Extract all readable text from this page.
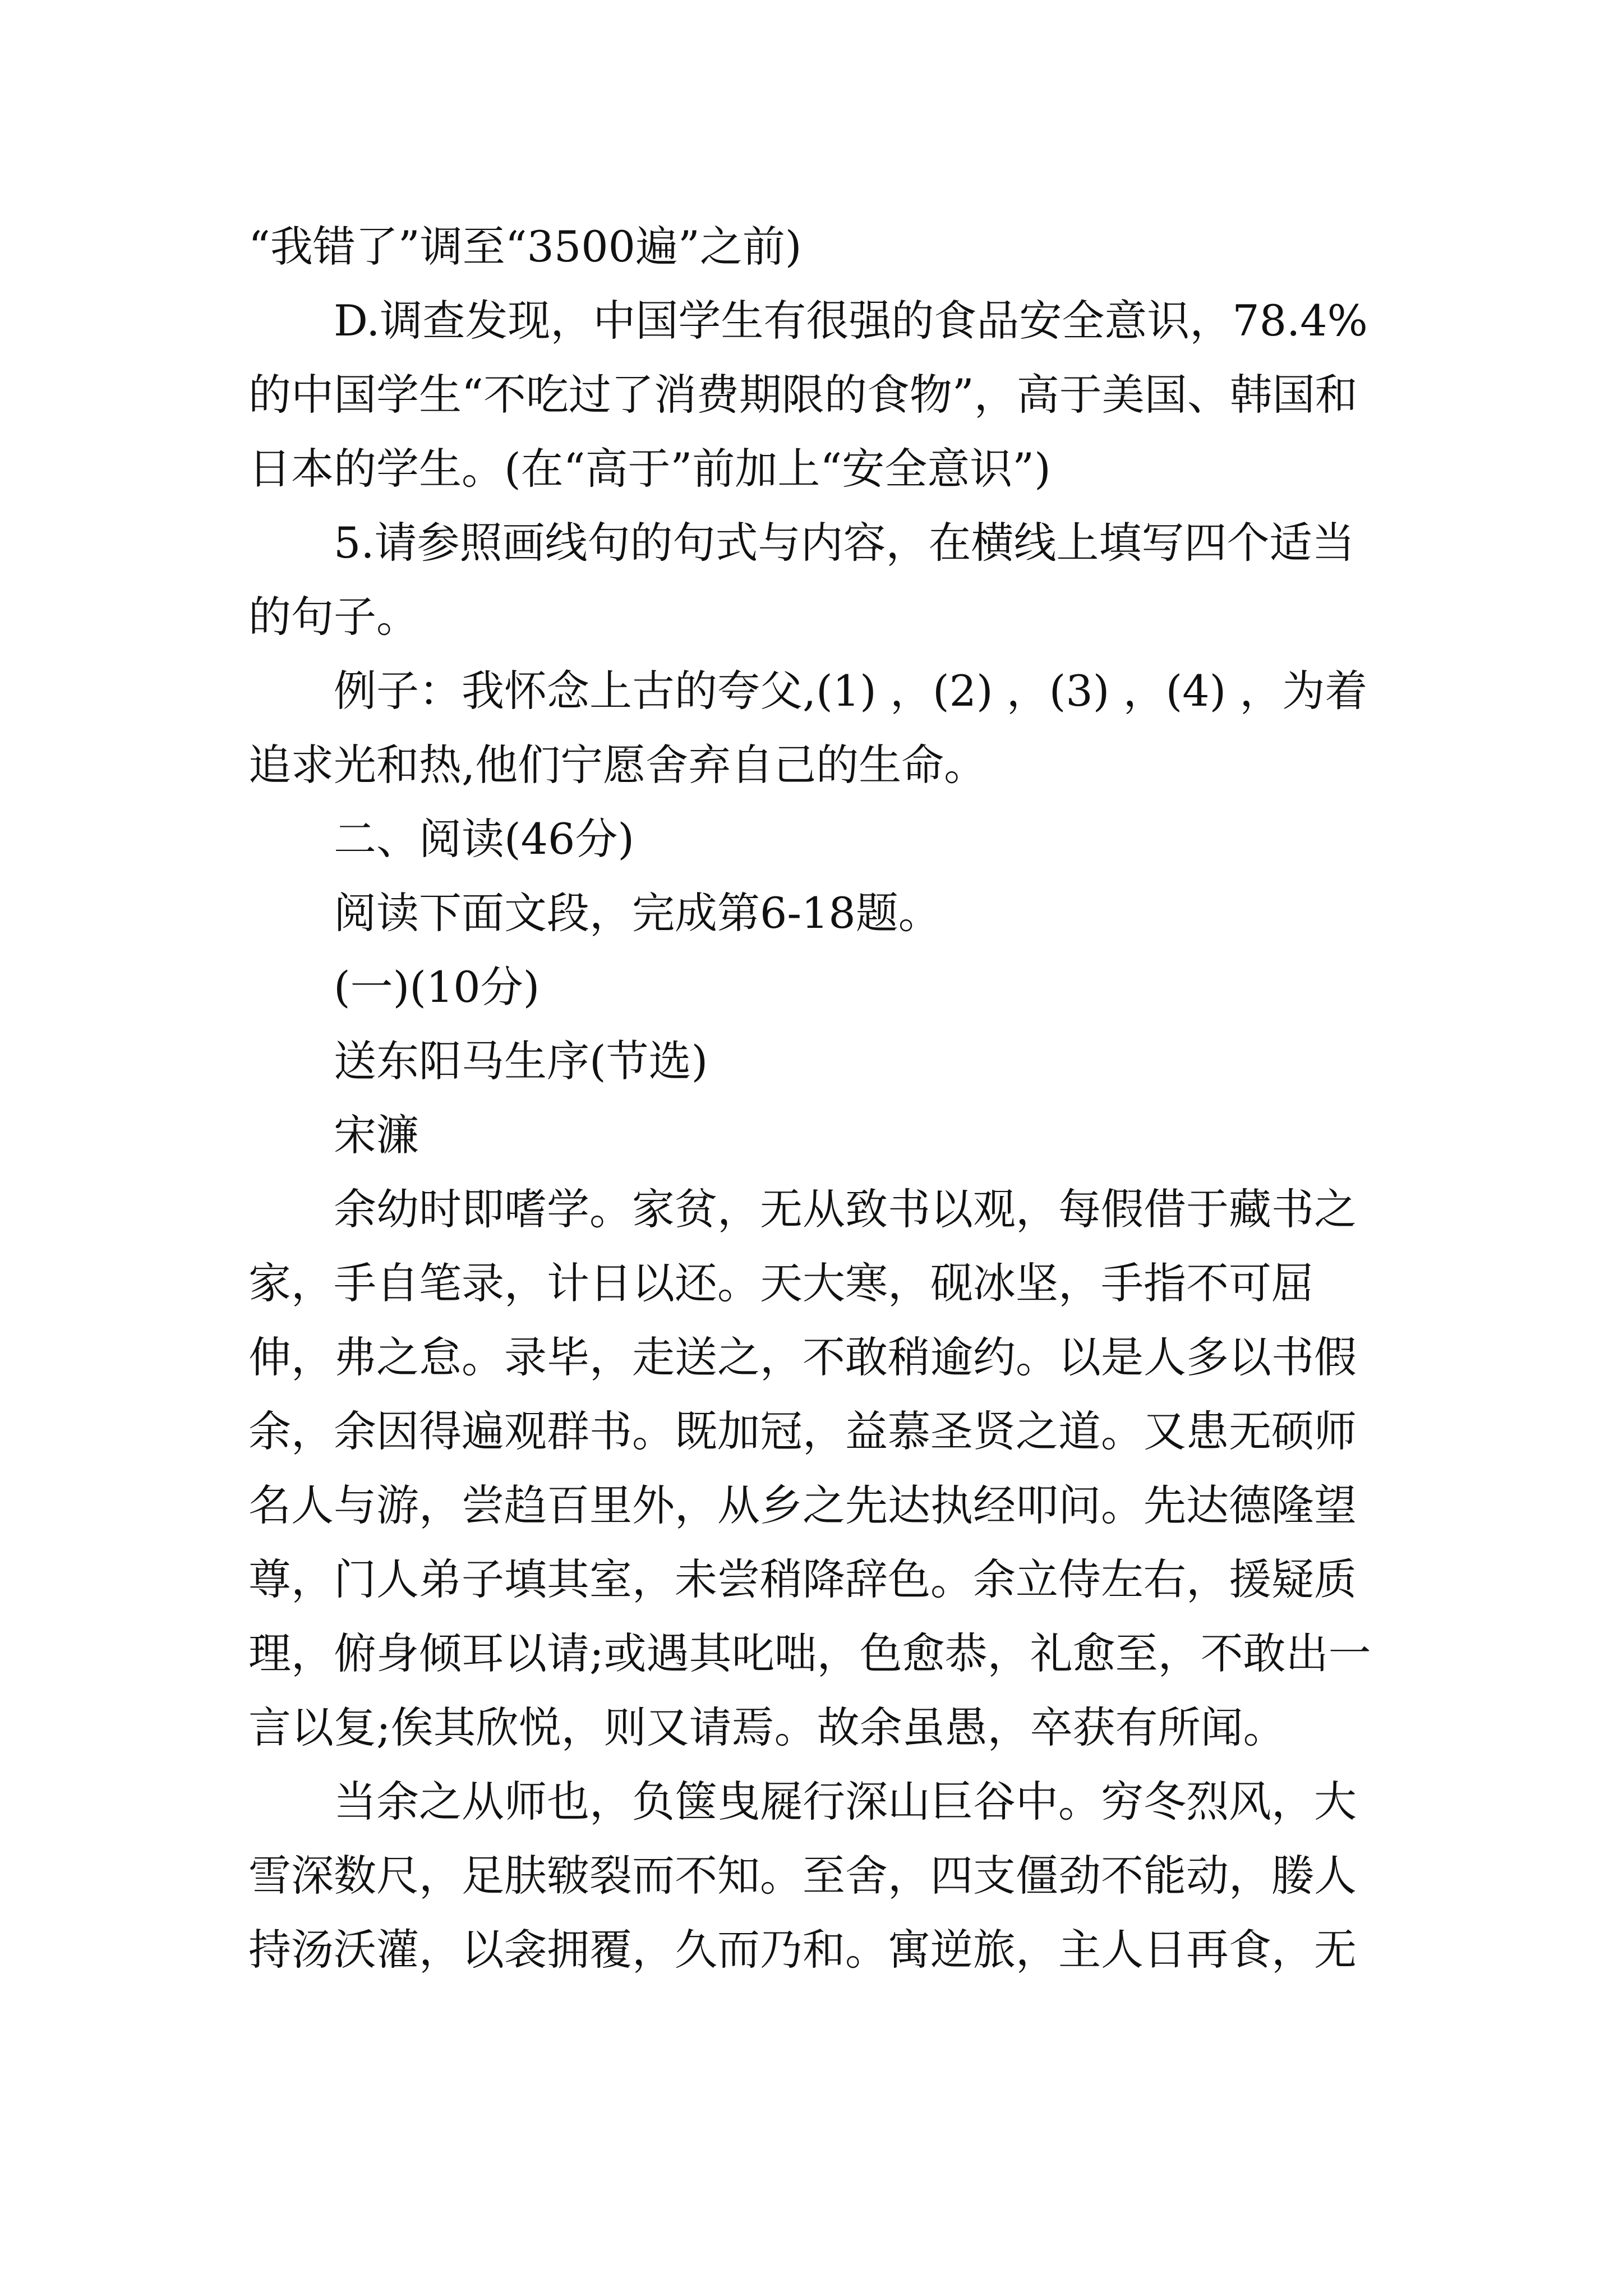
“我错了”调至“3500遍”之前)

D.调查发现，中国学生有很强的食品安全意识，78.4%的中国学生“不吃过了消费期限的食物”，高于美国、韩国和日本的学生。(在“高于”前加上“安全意识”)

5.请参照画线句的句式与内容，在横线上填写四个适当的句子。

例子：我怀念上古的夸父,(1) ，(2) ，(3) ，(4) ，为着追求光和热,他们宁愿舍弃自己的生命。

二、阅读(46分)

阅读下面文段，完成第6-18题。

(一)(10分)

送东阳马生序(节选)

宋濂

余幼时即嗜学。家贫，无从致书以观，每假借于藏书之家，手自笔录，计日以还。天大寒，砚冰坚，手指不可屈伸，弗之怠。录毕，走送之，不敢稍逾约。以是人多以书假余，余因得遍观群书。既加冠，益慕圣贤之道。又患无硕师名人与游，尝趋百里外，从乡之先达执经叩问。先达德隆望尊，门人弟子填其室，未尝稍降辞色。余立侍左右，援疑质理，俯身倾耳以请;或遇其叱咄，色愈恭，礼愈至，不敢出一言以复;俟其欣悦，则又请焉。故余虽愚，卒获有所闻。

当余之从师也，负箧曳屣行深山巨谷中。穷冬烈风，大雪深数尺，足肤皲裂而不知。至舍，四支僵劲不能动，媵人持汤沃灌，以衾拥覆，久而乃和。寓逆旅，主人日再食，无
